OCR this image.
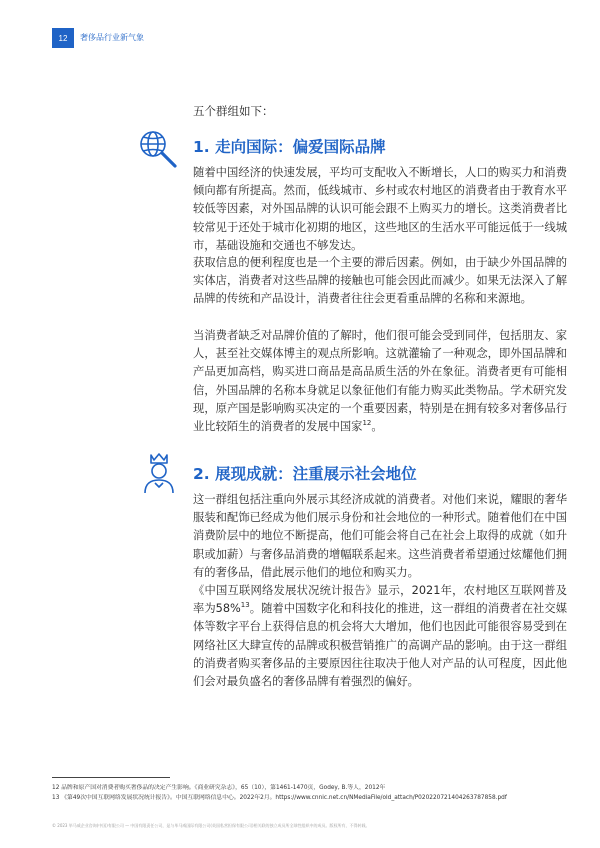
12	奢侈品行业新气象
五个群组如下：
1. 走向国际：偏爱国际品牌

随着中国经济的快速发展，平均可支配收入不断增长，人口的购买力和消费倾向都有所提高。然而，低线城市、乡村或农村地区的消费者由于教育水平较低等因素，对外国品牌的认识可能会跟不上购买力的增长。这类消费者比较常见于还处于城市化初期的地区，这些地区的生活水平可能远低于一线城市，基础设施和交通也不够发达。

获取信息的便利程度也是一个主要的滞后因素。例如，由于缺少外国品牌的实体店，消费者对这些品牌的接触也可能会因此而减少。如果无法深入了解品牌的传统和产品设计，消费者往往会更看重品牌的名称和来源地。

当消费者缺乏对品牌价值的了解时，他们很可能会受到同伴，包括朋友、家人，甚至社交媒体博主的观点所影响。这就灌输了一种观念，即外国品牌和产品更加高档，购买进口商品是高品质生活的外在象征。消费者更有可能相信，外国品牌的名称本身就足以象征他们有能力购买此类物品。学术研究发现，原产国是影响购买决定的一个重要因素，特别是在拥有较多对奢侈品行业比较陌生的消费者的发展中国家$^{12}$。

2. 展现成就：注重展示社会地位

这一群组包括注重向外展示其经济成就的消费者。对他们来说，耀眼的奢华服装和配饰已经成为他们展示身份和社会地位的一种形式。随着他们在中国消费阶层中的地位不断提高，他们可能会将自己在社会上取得的成就（如升职或加薪）与奢侈品消费的增幅联系起来。这些消费者希望通过炫耀他们拥有的奢侈品，借此展示他们的地位和购买力。

《中国互联网络发展状况统计报告》显示，2021年，农村地区互联网普及率为58%$^{13}$。随着中国数字化和科技化的推进，这一群组的消费者在社交媒体等数字平台上获得信息的机会将大大增加，他们也因此可能很容易受到在网络社区大肆宣传的品牌或积极营销推广的高调产品的影响。由于这一群组的消费者购买奢侈品的主要原因往往取决于他人对产品的认可程度，因此他们会对最负盛名的奢侈品牌有着强烈的偏好。

12 品牌和原产国对消费者购买奢侈品的决定产生影响。《商业研究杂志》，65（10），第1461-1470页，Godey, B.等人，2012年
13 《第49次中国互联网络发展状况统计报告》。中国互联网络信息中心。2022年2月。https://www.cnnic.net.cn/NMediaFile/old_attach/P020220721404263787858.pdf
© 2023 毕马威企业咨询(中国)有限公司 — 中国有限责任公司，是与毕马威国际有限公司(英国私营担保有限公司)相关联的独立成员所全球性组织中的成员。版权所有，不得转载。
